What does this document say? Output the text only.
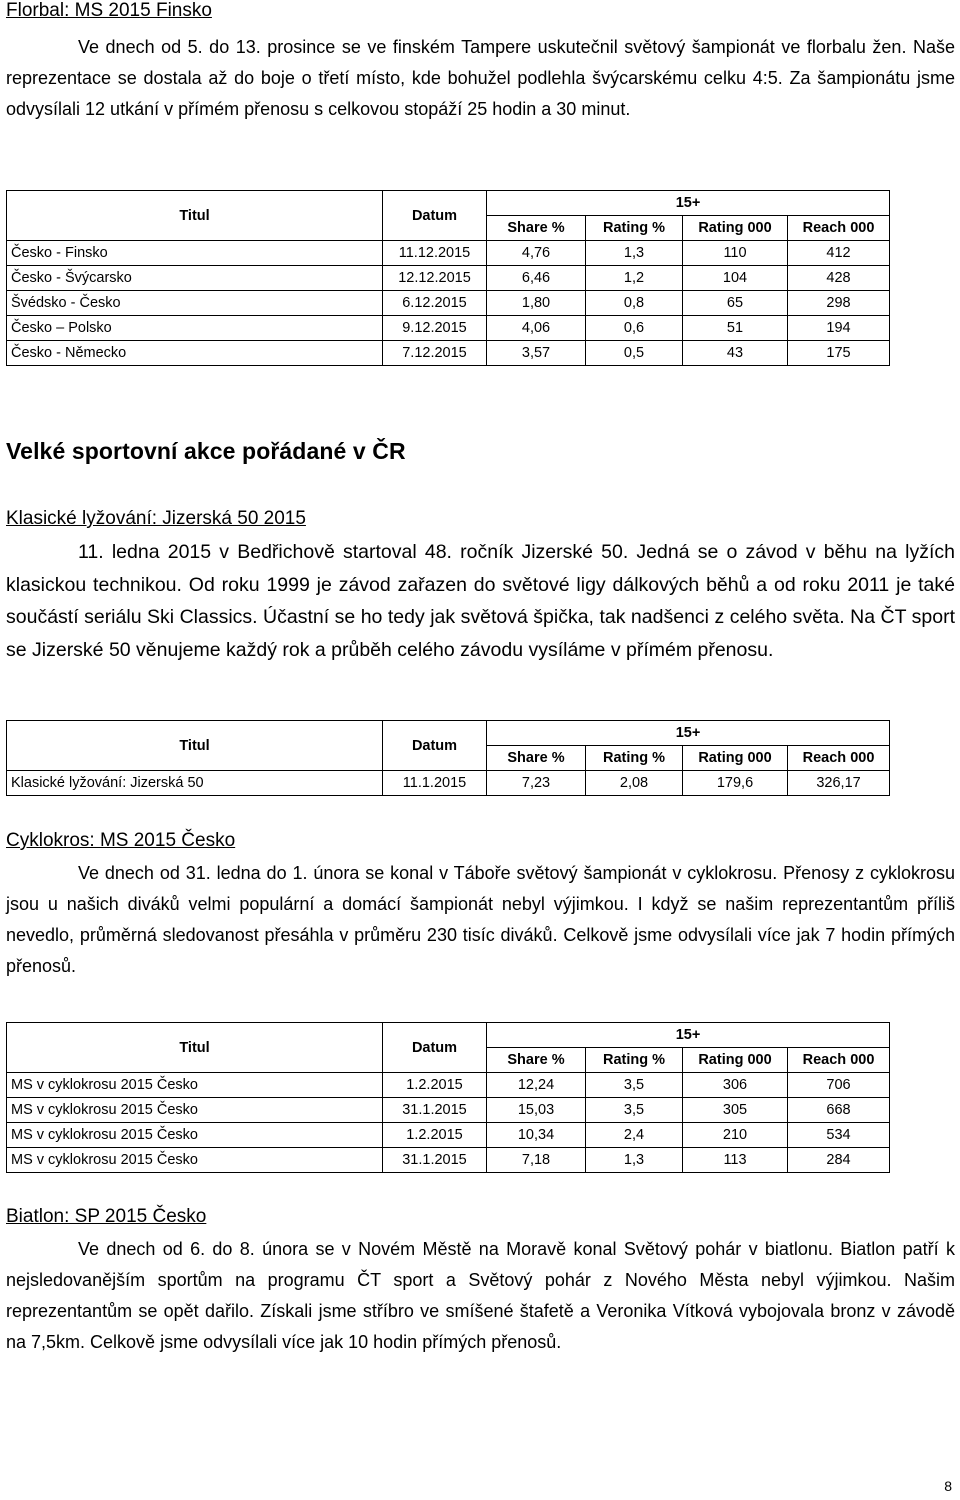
Florbal: MS 2015 Finsko

Ve dnech od 5. do 13. prosince se ve finském Tampere uskutečnil světový šampionát ve florbalu žen. Naše reprezentace se dostala až do boje o třetí místo, kde bohužel podlehla švýcarskému celku 4:5. Za šampionátu jsme odvysílali 12 utkání v přímém přenosu s celkovou stopáží 25 hodin a 30 minut.

Titul	Datum	15+			
		Share %	Rating %	Rating 000	Reach 000
Česko - Finsko	11.12.2015	4,76	1,3	110	412
Česko - Švýcarsko	12.12.2015	6,46	1,2	104	428
Švédsko - Česko	6.12.2015	1,80	0,8	65	298
Česko – Polsko	9.12.2015	4,06	0,6	51	194
Česko - Německo	7.12.2015	3,57	0,5	43	175
Velké sportovní akce pořádané v ČR
Klasické lyžování: Jizerská 50 2015

11. ledna 2015 v Bedřichově startoval 48. ročník Jizerské 50. Jedná se o závod v běhu na lyžích klasickou technikou. Od roku 1999 je závod zařazen do světové ligy dálkových běhů a od roku 2011 je také součástí seriálu Ski Classics. Účastní se ho tedy jak světová špička, tak nadšenci z celého světa. Na ČT sport se Jizerské 50 věnujeme každý rok a průběh celého závodu vysíláme v přímém přenosu.

Titul	Datum	15+			
		Share %	Rating %	Rating 000	Reach 000
Klasické lyžování: Jizerská 50	11.1.2015	7,23	2,08	179,6	326,17
Cyklokros: MS 2015 Česko

Ve dnech od 31. ledna do 1. února se konal v Táboře světový šampionát v cyklokrosu. Přenosy z cyklokrosu jsou u našich diváků velmi populární a domácí šampionát nebyl výjimkou. I když se našim reprezentantům příliš nevedlo, průměrná sledovanost přesáhla v průměru 230 tisíc diváků. Celkově jsme odvysílali více jak 7 hodin přímých přenosů.

Titul	Datum	15+			
		Share %	Rating %	Rating 000	Reach 000
MS v cyklokrosu 2015 Česko	1.2.2015	12,24	3,5	306	706
MS v cyklokrosu 2015 Česko	31.1.2015	15,03	3,5	305	668
MS v cyklokrosu 2015 Česko	1.2.2015	10,34	2,4	210	534
MS v cyklokrosu 2015 Česko	31.1.2015	7,18	1,3	113	284
Biatlon: SP 2015 Česko

Ve dnech od 6. do 8. února se v Novém Městě na Moravě konal Světový pohár v biatlonu. Biatlon patří k nejsledovanějším sportům na programu ČT sport a Světový pohár z Nového Města nebyl výjimkou. Našim reprezentantům se opět dařilo. Získali jsme stříbro ve smíšené štafetě a Veronika Vítková vybojovala bronz v závodě na 7,5km. Celkově jsme odvysílali více jak 10 hodin přímých přenosů.

8
